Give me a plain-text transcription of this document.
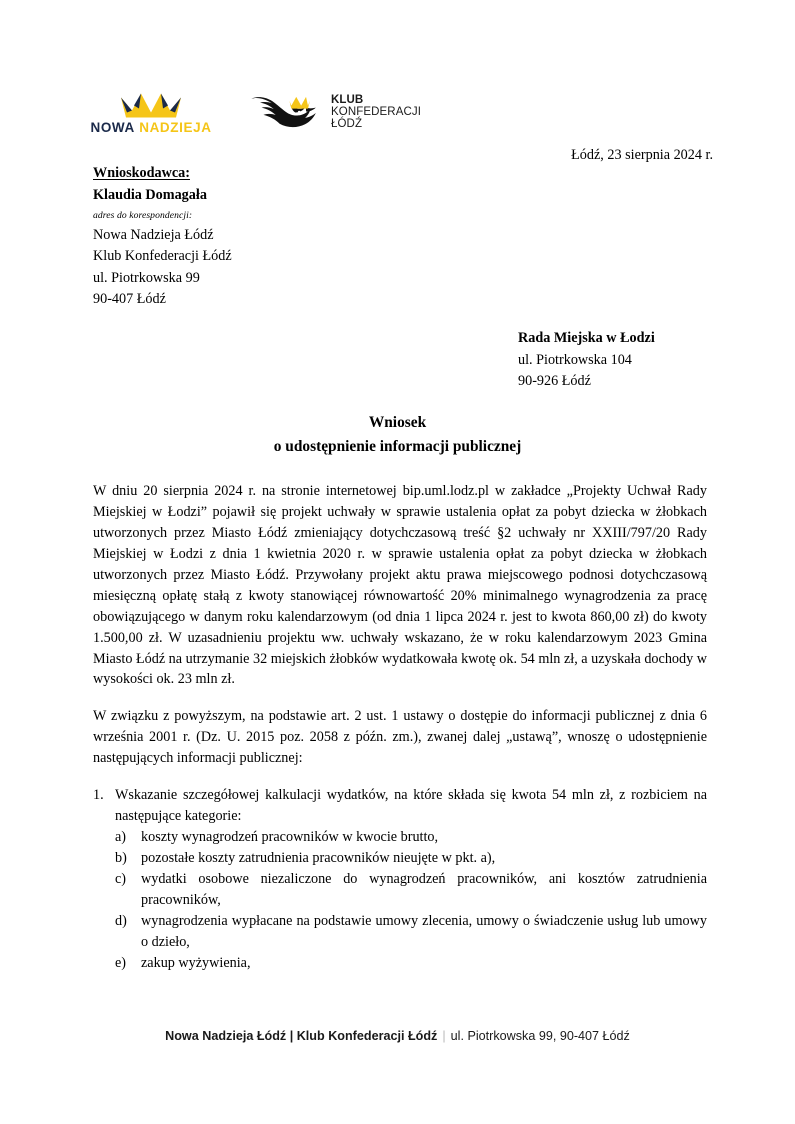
NOWA NADZIEJA
KLUB
KONFEDERACJI
ŁÓDŹ
Łódź, 23 sierpnia 2024 r.
Wnioskodawca:
Klaudia Domagała
adres do korespondencji:
Nowa Nadzieja Łódź
Klub Konfederacji Łódź
ul. Piotrkowska 99
90-407 Łódź
Rada Miejska w Łodzi
ul. Piotrkowska 104
90-926 Łódź
Wniosek
o udostępnienie informacji publicznej

W dniu 20 sierpnia 2024 r. na stronie internetowej bip.uml.lodz.pl w zakładce „Projekty Uchwał Rady Miejskiej w Łodzi” pojawił się projekt uchwały w sprawie ustalenia opłat za pobyt dziecka w żłobkach utworzonych przez Miasto Łódź zmieniający dotychczasową treść §2 uchwały nr XXIII/797/20 Rady Miejskiej w Łodzi z dnia 1 kwietnia 2020 r. w sprawie ustalenia opłat za pobyt dziecka w żłobkach utworzonych przez Miasto Łódź. Przywołany projekt aktu prawa miejscowego podnosi dotychczasową miesięczną opłatę stałą z kwoty stanowiącej równowartość 20% minimalnego wynagrodzenia za pracę obowiązującego w danym roku kalendarzowym (od dnia 1 lipca 2024 r. jest to kwota 860,00 zł) do kwoty 1.500,00 zł. W uzasadnieniu projektu ww. uchwały wskazano, że w roku kalendarzowym 2023 Gmina Miasto Łódź na utrzymanie 32 miejskich żłobków wydatkowała kwotę ok. 54 mln zł, a uzyskała dochody w wysokości ok. 23 mln zł.

W związku z powyższym, na podstawie art. 2 ust. 1 ustawy o dostępie do informacji publicznej z dnia 6 września 2001 r. (Dz. U. 2015 poz. 2058 z późn. zm.), zwanej dalej „ustawą”, wnoszę o udostępnienie następujących informacji publicznej:

1. Wskazanie szczegółowej kalkulacji wydatków, na które składa się kwota 54 mln zł, z rozbiciem na następujące kategorie:
a) koszty wynagrodzeń pracowników w kwocie brutto,
b) pozostałe koszty zatrudnienia pracowników nieujęte w pkt. a),
c) wydatki osobowe niezaliczone do wynagrodzeń pracowników, ani kosztów zatrudnienia pracowników,
d) wynagrodzenia wypłacane na podstawie umowy zlecenia, umowy o świadczenie usług lub umowy o dzieło,
e) zakup wyżywienia,
Nowa Nadzieja Łódź | Klub Konfederacji Łódź | ul. Piotrkowska 99, 90-407 Łódź
